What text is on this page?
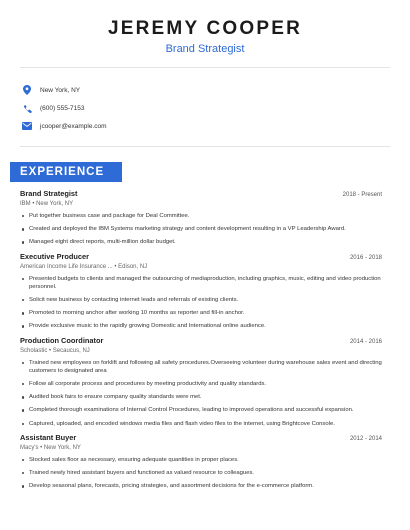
JEREMY COOPER
Brand Strategist
New York, NY
(600) 555-7153
jcooper@example.com
EXPERIENCE
Brand Strategist	2018 - Present
IBM • New York, NY
Put together business case and package for Deal Committee.
Created and deployed the IBM Systems marketing strategy and content development resulting in a VP Leadership Award.
Managed eight direct reports, multi-million dollar budget.
Executive Producer	2016 - 2018
American Income Life Insurance ... • Edison, NJ
Presented budgets to clients and managed the outsourcing of mediaproduction, including graphics, music, editing and video production personnel.
Solicit new business by contacting internet leads and referrals of existing clients.
Promoted to morning anchor after working 10 months as reporter and fill-in anchor.
Provide exclusive music to the rapidly growing Domestic and International online audience.
Production Coordinator	2014 - 2016
Scholastic • Secaucus, NJ
Trained new employees on forklift and following all safety procedures.Overseeing volunteer during warehouse sales event and directing customers to designated area
Follow all corporate process and procedures by meeting productivity and quality standards.
Audited book fairs to ensure company quality standards were met.
Completed thorough examinations of Internal Control Procedures, leading to improved operations and successful expansion.
Captured, uploaded, and encoded windows media files and flash video files to the internet, using Brightcove Console.
Assistant Buyer	2012 - 2014
Macy's • New York, NY
Stocked sales floor as necessary, ensuring adequate quantities in proper places.
Trained newly hired assistant buyers and functioned as valued resource to colleagues.
Develop seasonal plans, forecasts, pricing strategies, and assortment decisions for the e-commerce platform.
